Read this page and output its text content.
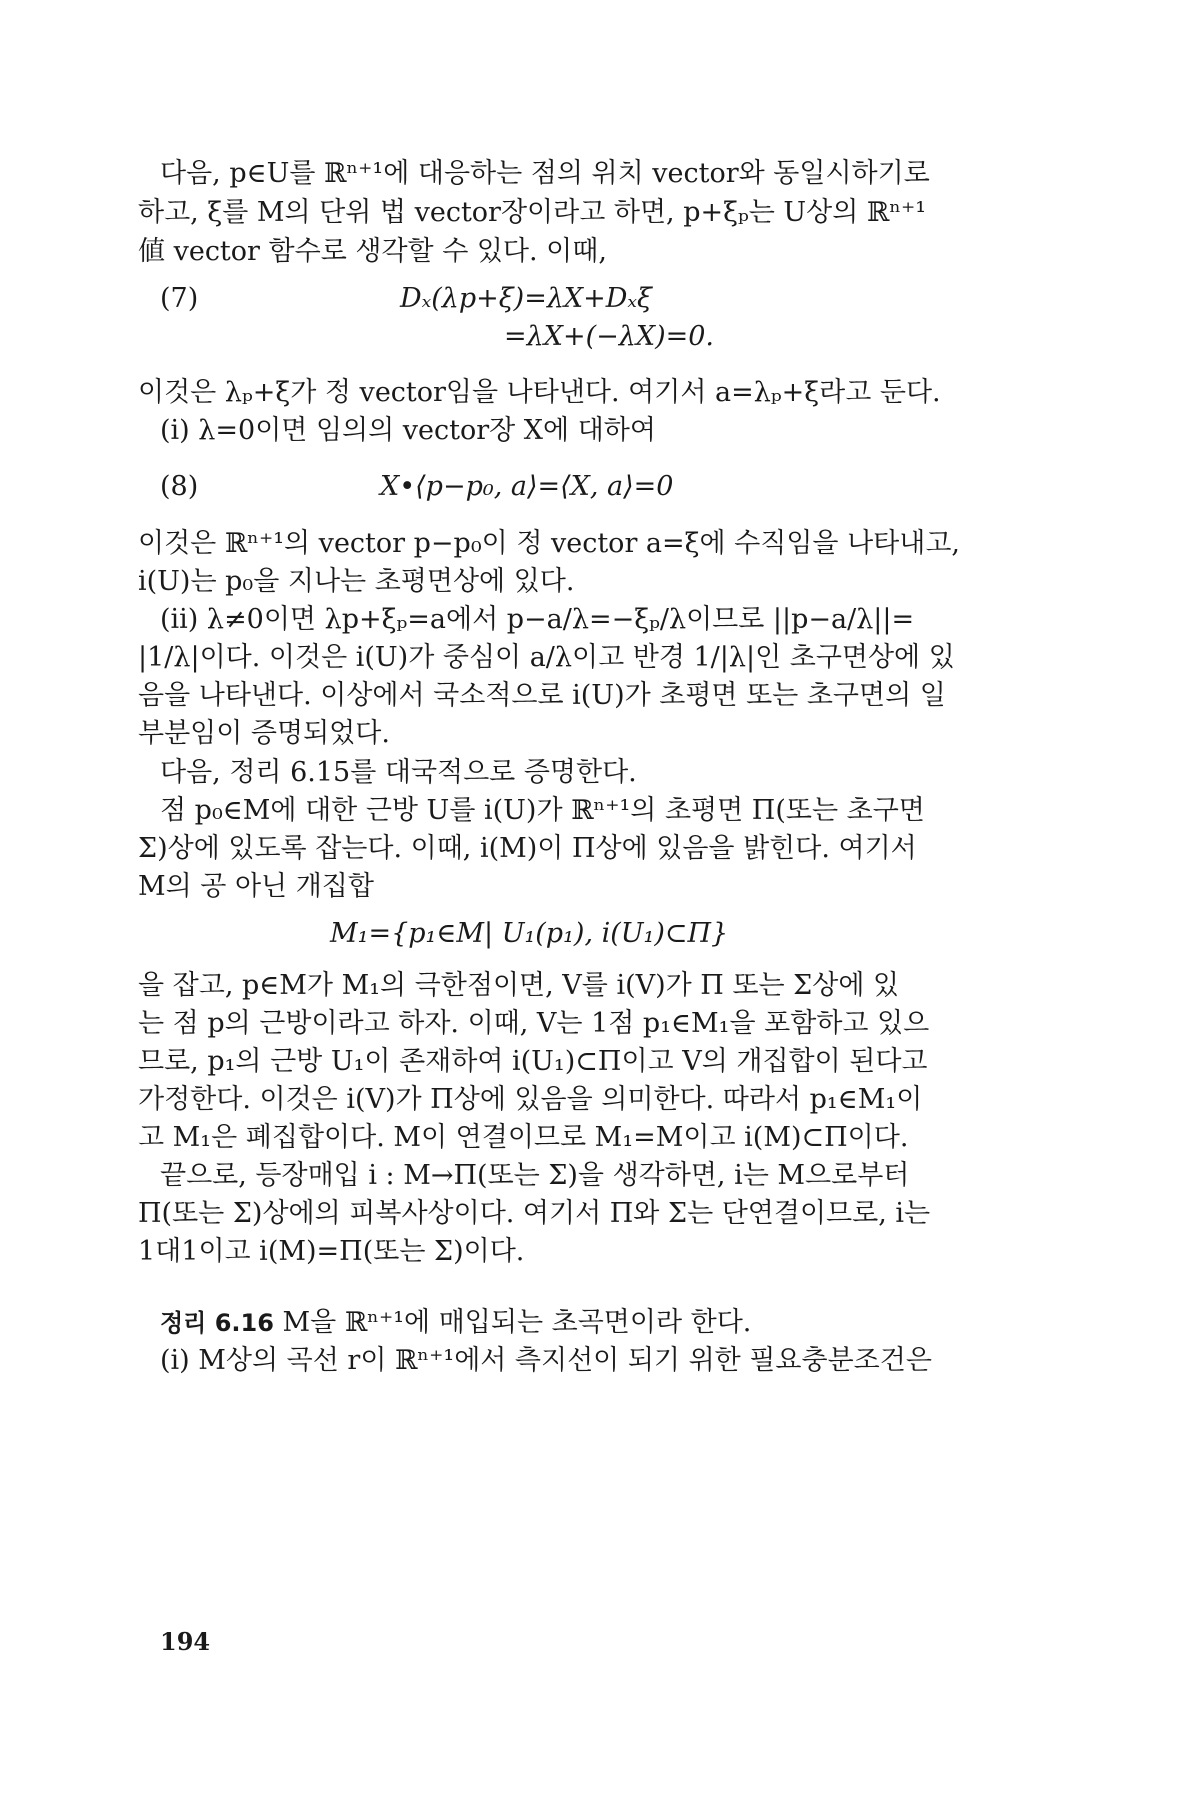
다음, p∈U를 ℝⁿ⁺¹에 대응하는 점의 위치 vector와 동일시하기로
하고, ξ를 M의 단위 법 vector장이라고 하면, p+ξₚ는 U상의 ℝⁿ⁺¹
値 vector 함수로 생각할 수 있다. 이때,
(7)	Dₓ(λp+ξ)=λX+Dₓξ
=λX+(−λX)=0.
이것은 λₚ+ξ가 정 vector임을 나타낸다. 여기서 a=λₚ+ξ라고 둔다.
(i) λ=0이면 임의의 vector장 X에 대하여
(8)	X•⟨p−p₀, a⟩=⟨X, a⟩=0
이것은 ℝⁿ⁺¹의 vector p−p₀이 정 vector a=ξ에 수직임을 나타내고,
i(U)는 p₀을 지나는 초평면상에 있다.
(ii) λ≠0이면 λp+ξₚ=a에서 p−a/λ=−ξₚ/λ이므로 ||p−a/λ||=
|1/λ|이다. 이것은 i(U)가 중심이 a/λ이고 반경 1/|λ|인 초구면상에 있
음을 나타낸다. 이상에서 국소적으로 i(U)가 초평면 또는 초구면의 일
부분임이 증명되었다.
다음, 정리 6.15를 대국적으로 증명한다.
점 p₀∈M에 대한 근방 U를 i(U)가 ℝⁿ⁺¹의 초평면 Π(또는 초구면
Σ)상에 있도록 잡는다. 이때, i(M)이 Π상에 있음을 밝힌다. 여기서
M의 공 아닌 개집합
M₁={p₁∈M| U₁(p₁), i(U₁)⊂Π}
을 잡고, p∈M가 M₁의 극한점이면, V를 i(V)가 Π 또는 Σ상에 있
는 점 p의 근방이라고 하자. 이때, V는 1점 p₁∈M₁을 포함하고 있으
므로, p₁의 근방 U₁이 존재하여 i(U₁)⊂Π이고 V의 개집합이 된다고
가정한다. 이것은 i(V)가 Π상에 있음을 의미한다. 따라서 p₁∈M₁이
고 M₁은 폐집합이다. M이 연결이므로 M₁=M이고 i(M)⊂Π이다.
끝으로, 등장매입 i : M→Π(또는 Σ)을 생각하면, i는 M으로부터
Π(또는 Σ)상에의 피복사상이다. 여기서 Π와 Σ는 단연결이므로, i는
1대1이고 i(M)=Π(또는 Σ)이다.
정리 6.16 M을 ℝⁿ⁺¹에 매입되는 초곡면이라 한다.
(i) M상의 곡선 r이 ℝⁿ⁺¹에서 측지선이 되기 위한 필요충분조건은
194
